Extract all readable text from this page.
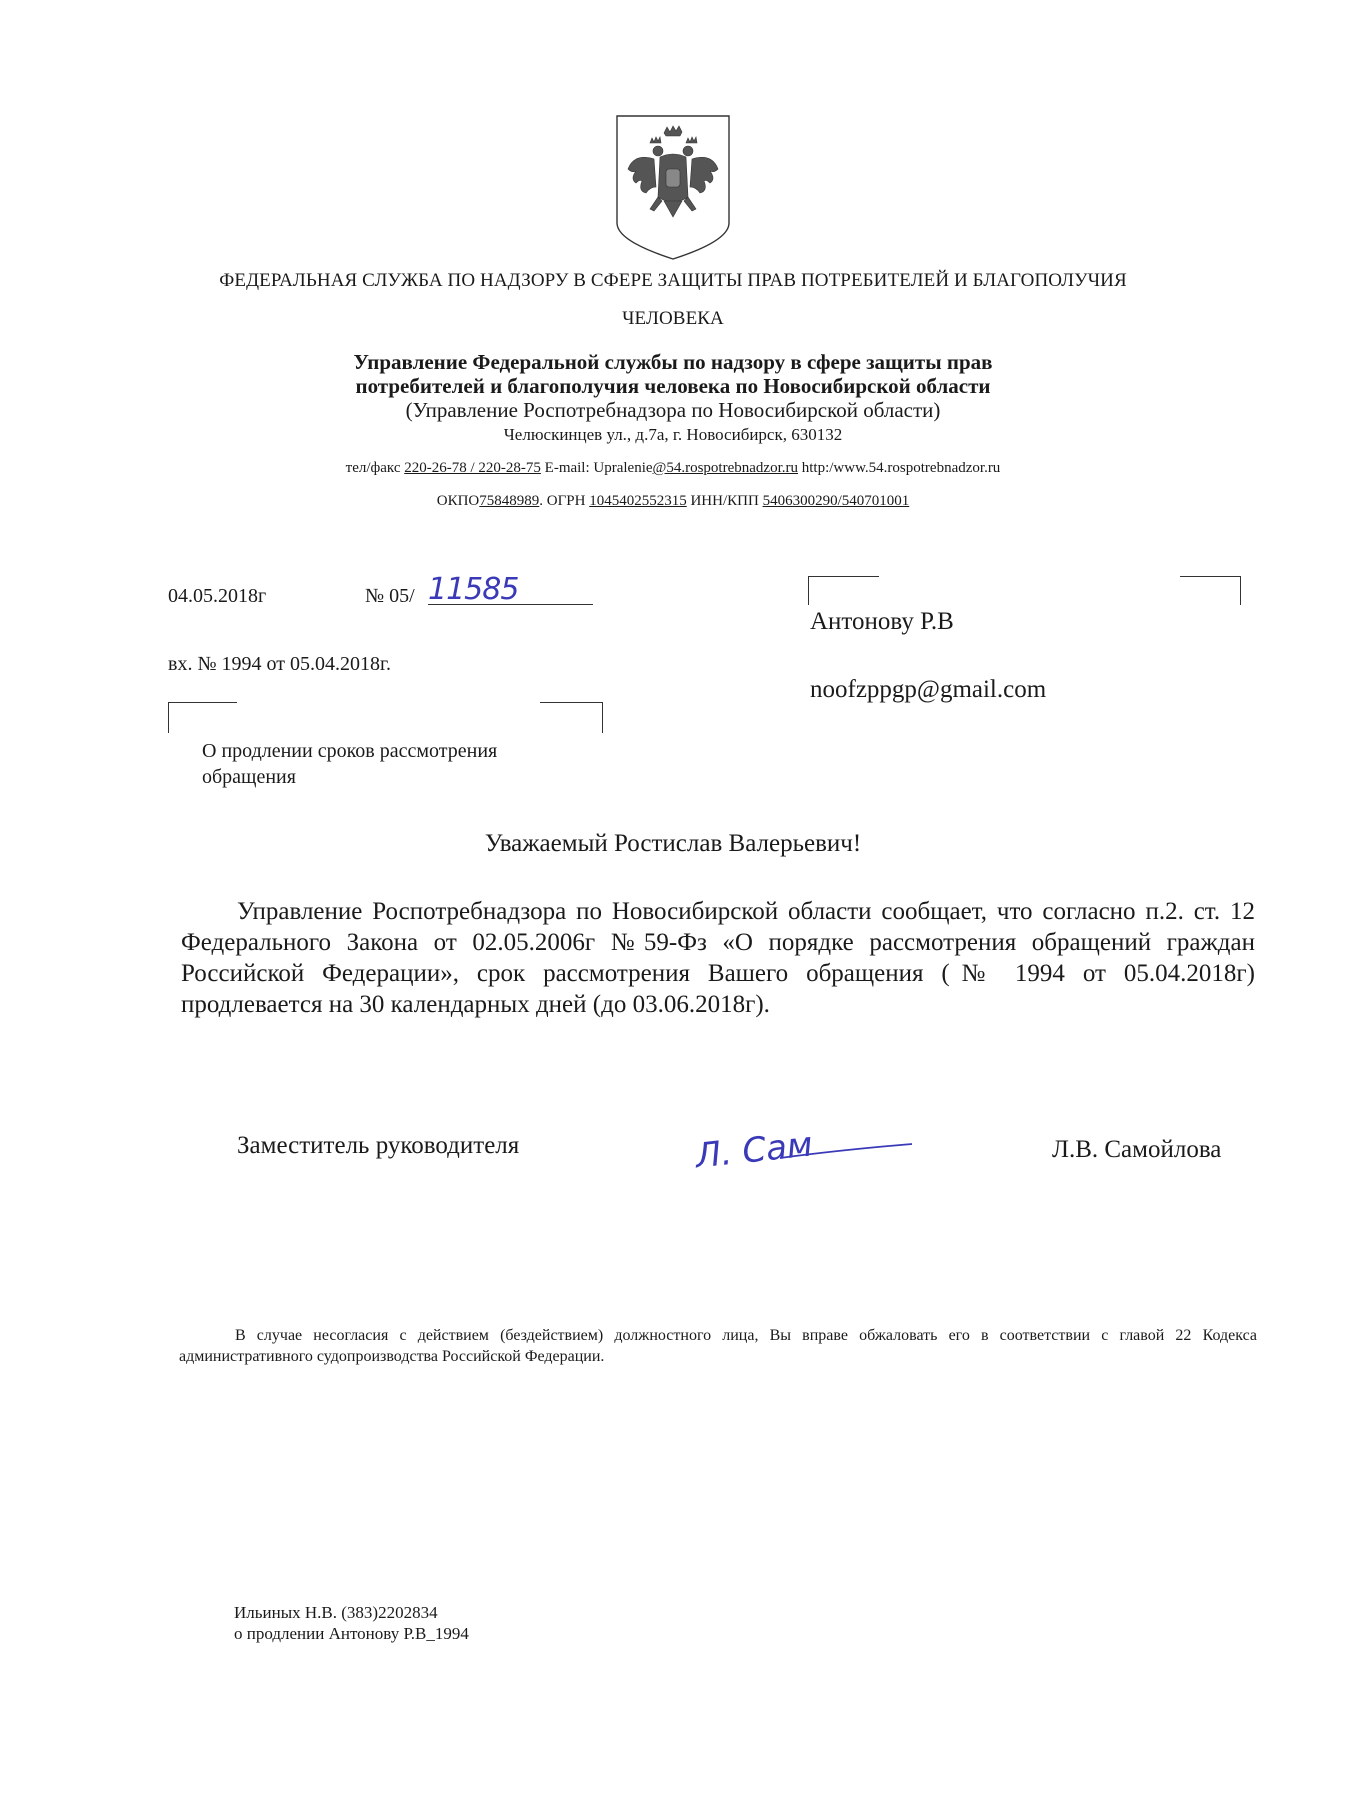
ФЕДЕРАЛЬНАЯ СЛУЖБА ПО НАДЗОРУ В СФЕРЕ ЗАЩИТЫ ПРАВ ПОТРЕБИТЕЛЕЙ И БЛАГОПОЛУЧИЯ
ЧЕЛОВЕКА
Управление Федеральной службы по надзору в сфере защиты прав
потребителей и благополучия человека по Новосибирской области
(Управление Роспотребнадзора по Новосибирской области)
Челюскинцев ул., д.7а, г. Новосибирск, 630132
тел/факс 220-26-78 / 220-28-75 E-mail: Upralenie@54.rospotrebnadzor.ru http:/www.54.rospotrebnadzor.ru
ОКПО75848989. ОГРН 1045402552315 ИНН/КПП 5406300290/540701001
04.05.2018г	№ 05/ 11585
вх. № 1994 от 05.04.2018г.
О продлении сроков рассмотрения
обращения
Антонову Р.В
noofzppgp@gmail.com
Уважаемый Ростислав Валерьевич!
Управление Роспотребнадзора по Новосибирской области сообщает, что согласно п.2. ст. 12 Федерального Закона от 02.05.2006г №59-Фз «О порядке рассмотрения обращений граждан Российской Федерации», срок рассмотрения Вашего обращения (№ 1994 от 05.04.2018г) продлевается на 30 календарных дней (до 03.06.2018г).
Заместитель руководителя	Л. Сам	Л.В. Самойлова
В случае несогласия с действием (бездействием) должностного лица, Вы вправе обжаловать его в соответствии с главой 22 Кодекса административного судопроизводства Российской Федерации.
Ильиных Н.В. (383)2202834
о продлении Антонову Р.В_1994
